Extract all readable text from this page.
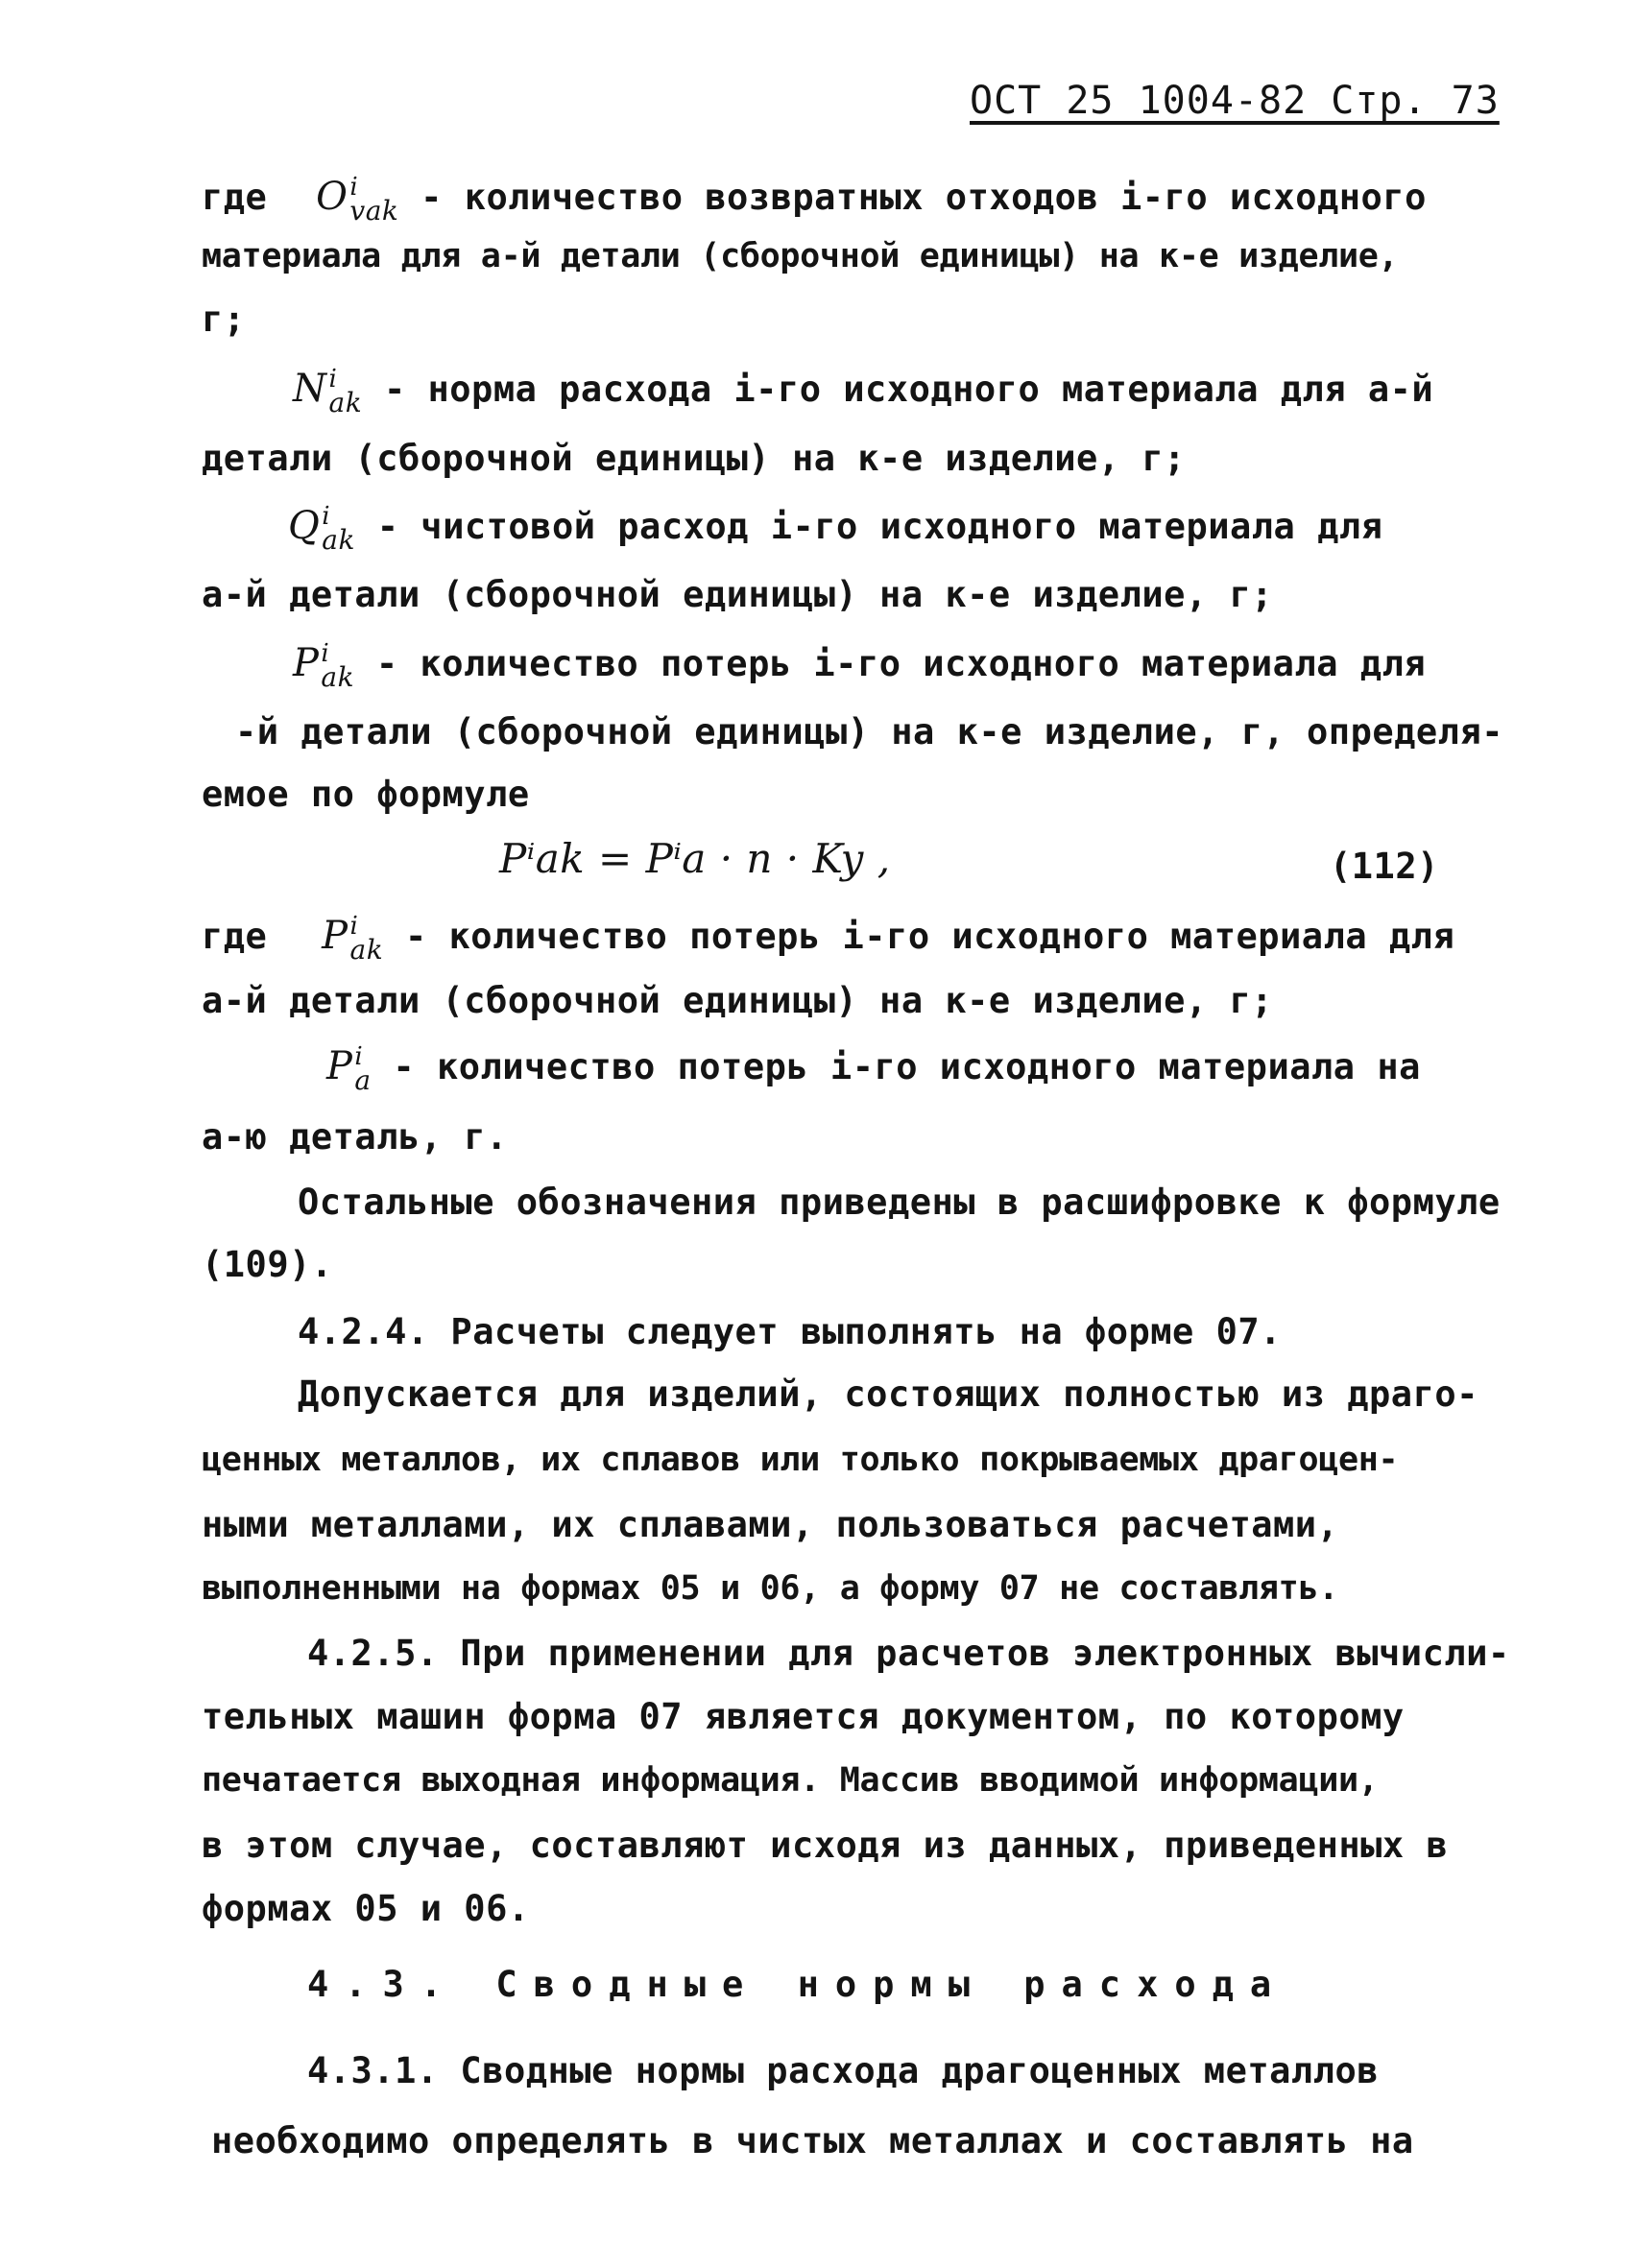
ОСТ 25 1004-82 Стр. 73
где O i
vak - количество возвратных отходов i-го исходного
материала для a-й детали (сборочной единицы) на к-е изделие,
г;
N i
ak - норма расхода i-го исходного материала для a-й
детали (сборочной единицы) на к-е изделие, г;
Q i
ak - чистовой расход i-го исходного материала для
a-й детали (сборочной единицы) на к-е изделие, г;
P i
ak - количество потерь i-го исходного материала для
-й детали (сборочной единицы) на к-е изделие, г, определя-
емое по формуле
Pⁱak = Pⁱa · n · Ky ,	(112)
где P i
ak - количество потерь i-го исходного материала для
a-й детали (сборочной единицы) на к-е изделие, г;
P i
a - количество потерь i-го исходного материала на
a-ю деталь, г.
Остальные обозначения приведены в расшифровке к формуле
(109).
4.2.4. Расчеты следует выполнять на форме 07.
Допускается для изделий, состоящих полностью из драго-
ценных металлов, их сплавов или только покрываемых драгоцен-
ными металлами, их сплавами, пользоваться расчетами,
выполненными на формах 05 и 06, а форму 07 не составлять.
4.2.5. При применении для расчетов электронных вычисли-
тельных машин форма 07 является документом, по которому
печатается выходная информация. Массив вводимой информации,
в этом случае, составляют исходя из данных, приведенных в
формах 05 и 06.
4.3. Сводные нормы расхода
4.3.1. Сводные нормы расхода драгоценных металлов
необходимо определять в чистых металлах и составлять на
